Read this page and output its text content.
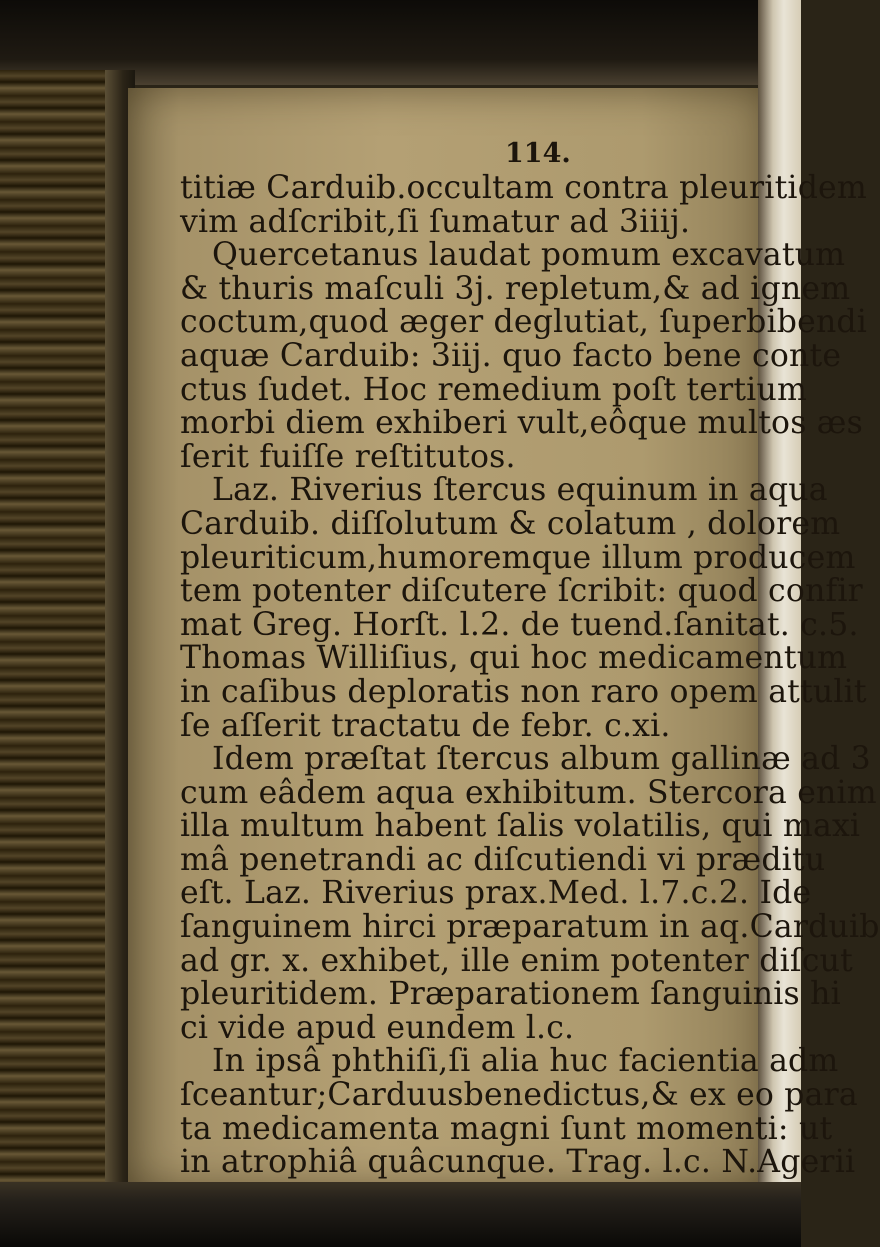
114.
titiæ Carduib.occultam contra pleuritidem
vim adſcribit,ſi ſumatur ad 3iiij.
Quercetanus laudat pomum excavatum
& thuris maſculi 3j. repletum,& ad ignem
coctum,quod æger deglutiat, ſuperbibendi
aquæ Carduib: 3iij. quo facto bene conte
ctus ſudet. Hoc remedium poſt tertium
morbi diem exhiberi vult,eôque multos æs
ſerit fuiſſe reſtitutos.
Laz. Riverius ſtercus equinum in aqua
Carduib. diſſolutum & colatum , dolorem
pleuriticum,humoremque illum producem
tem potenter diſcutere ſcribit: quod confir
mat Greg. Horſt. l.2. de tuend.ſanitat. c.5.
Thomas Williſius, qui hoc medicamentum
in caſibus deploratis non raro opem attulit
ſe aſſerit tractatu de febr. c.xi.
Idem præſtat ſtercus album gallinæ ad 3
cum eâdem aqua exhibitum. Stercora enim
illa multum habent ſalis volatilis, qui maxi
mâ penetrandi ac diſcutiendi vi præditu
eſt. Laz. Riverius prax.Med. l.7.c.2. Ide
ſanguinem hirci præparatum in aq.Carduib
ad gr. x. exhibet, ille enim potenter diſcut
pleuritidem. Præparationem ſanguinis hi
ci vide apud eundem l.c.
In ipsâ phthiſi,ſi alia huc facientia adm
ſceantur;Carduusbenedictus,& ex eo para
ta medicamenta magni ſunt momenti: ut
in atrophiâ quâcunque. Trag. l.c. N.Agerii
